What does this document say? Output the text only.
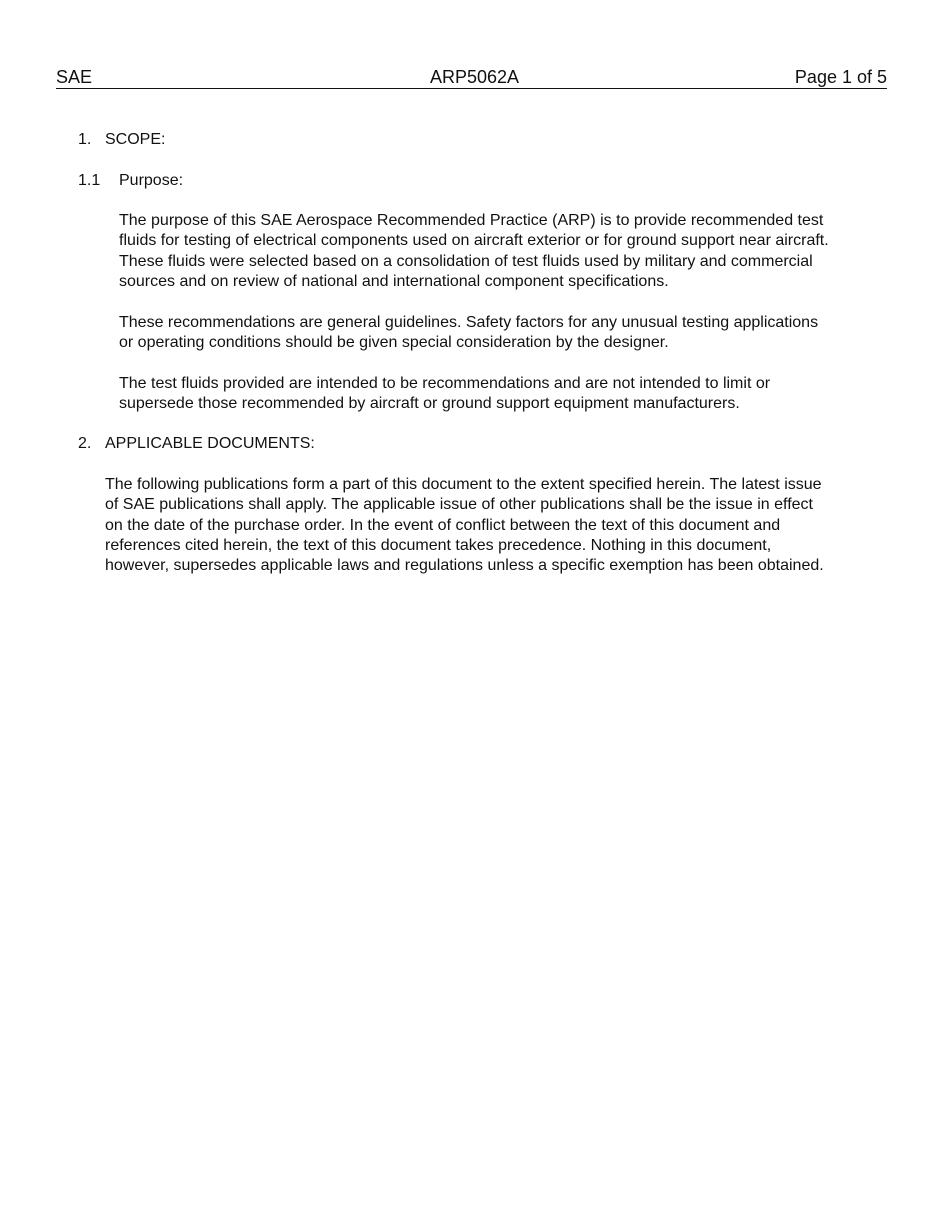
SAE	ARP5062A	Page 1 of 5
1. SCOPE:
1.1 Purpose:
The purpose of this SAE Aerospace Recommended Practice (ARP) is to provide recommended test
fluids for testing of electrical components used on aircraft exterior or for ground support near aircraft.
These fluids were selected based on a consolidation of test fluids used by military and commercial
sources and on review of national and international component specifications.
These recommendations are general guidelines. Safety factors for any unusual testing applications
or operating conditions should be given special consideration by the designer.
The test fluids provided are intended to be recommendations and are not intended to limit or
supersede those recommended by aircraft or ground support equipment manufacturers.
2. APPLICABLE DOCUMENTS:
The following publications form a part of this document to the extent specified herein. The latest issue
of SAE publications shall apply. The applicable issue of other publications shall be the issue in effect
on the date of the purchase order. In the event of conflict between the text of this document and
references cited herein, the text of this document takes precedence. Nothing in this document,
however, supersedes applicable laws and regulations unless a specific exemption has been obtained.
